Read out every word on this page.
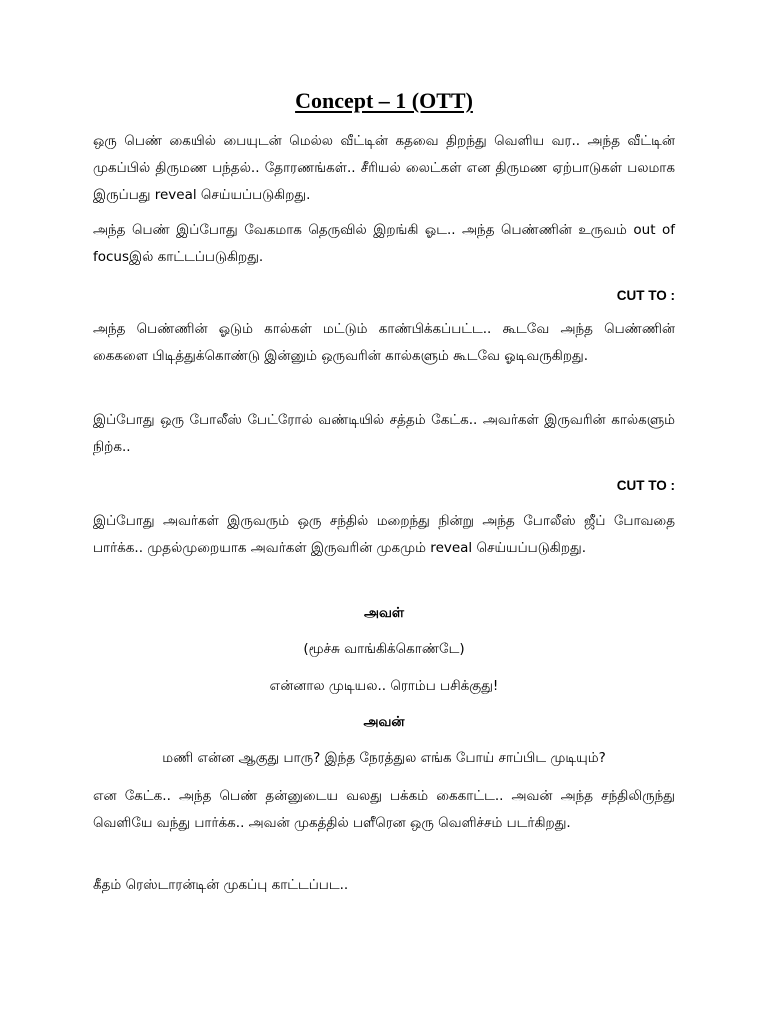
Concept – 1 (OTT)

ஒரு பெண் கையில் பையுடன் மெல்ல வீட்டின் கதவை திறந்து வெளிய வர.. அந்த வீட்டின் முகப்பில் திருமண பந்தல்.. தோரணங்கள்.. சீரியல் லைட்கள் என திருமண ஏற்பாடுகள் பலமாக இருப்பது reveal செய்யப்படுகிறது.

அந்த பெண் இப்போது வேகமாக தெருவில் இறங்கி ஓட.. அந்த பெண்ணின் உருவம் out of focusஇல் காட்டப்படுகிறது.

CUT TO :

அந்த பெண்ணின் ஓடும் கால்கள் மட்டும் காண்பிக்கப்பட்ட.. கூடவே அந்த பெண்ணின் கைகளை பிடித்துக்கொண்டு இன்னும் ஒருவரின் கால்களும் கூடவே ஓடிவருகிறது.

இப்போது ஒரு போலீஸ் பேட்ரோல் வண்டியில் சத்தம் கேட்க.. அவர்கள் இருவரின் கால்களும் நிற்க..

CUT TO :

இப்போது அவர்கள் இருவரும் ஒரு சந்தில் மறைந்து நின்று அந்த போலீஸ் ஜீப் போவதை பார்க்க.. முதல்முறையாக அவர்கள் இருவரின் முகமும் reveal செய்யப்படுகிறது.

அவள்
(மூச்சு வாங்கிக்கொண்டே)
என்னால முடியல.. ரொம்ப பசிக்குது!
அவன்
மணி என்ன ஆகுது பாரு? இந்த நேரத்துல எங்க போய் சாப்பிட முடியும்?

என கேட்க.. அந்த பெண் தன்னுடைய வலது பக்கம் கைகாட்ட.. அவன் அந்த சந்திலிருந்து வெளியே வந்து பார்க்க.. அவன் முகத்தில் பளீரென ஒரு வெளிச்சம் படர்கிறது.

கீதம் ரெஸ்டாரன்டின் முகப்பு காட்டப்பட..
